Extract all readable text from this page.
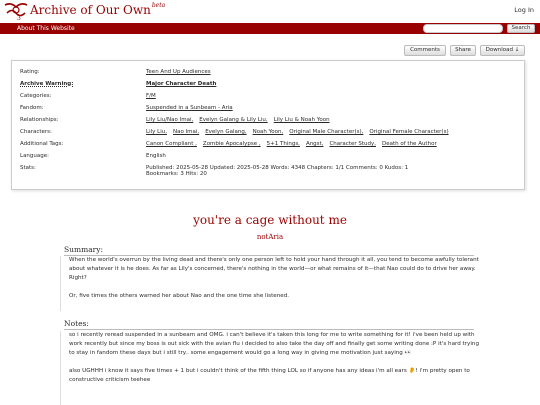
3
Archive of Our Own$^{beta}$
Log In
About This Website	Search
Comments	Share	Download ↓
Rating:	Teen And Up Audiences
Archive Warning:	Major Character Death
Categories:	F/M
Fandom:	Suspended in a Sunbeam - Aria
Relationships:	Lily Liu/Nao Imai, Evelyn Galang & Lily Liu, Lily Liu & Noah Yoon
Characters:	Lily Liu, Nao Imai, Evelyn Galang, Noah Yoon, Original Male Character(s), Original Female Character(s)
Additional Tags:	Canon Compliant , Zombie Apocalypse , 5+1 Things, Angst, Character Study, Death of the Author
Language:	English
Stats:	Published: 2025-05-28 Updated: 2025-05-28 Words: 4348 Chapters: 1/1 Comments: 0 Kudos: 1
Bookmarks: 3 Hits: 20
you're a cage without me
notAria
Summary:

When the world's overrun by the living dead and there's only one person left to hold your hand through it all, you tend to become awfully tolerant about whatever it is he does. As far as Lily's concerned, there's nothing in the world—or what remains of it—that Nao could do to drive her away. Right?

Or, five times the others warned her about Nao and the one time she listened.

Notes:

so i recently reread suspended in a sunbeam and OMG. i can't believe it's taken this long for me to write something for it! i've been held up with work recently but since my boss is out sick with the avian flu i decided to also take the day off and finally get some writing done :P it's hard trying to stay in fandom these days but i still try.. some engagement would go a long way in giving me motivation just saying 👀

also UGHHH i know it says five times + 1 but i couldn't think of the fifth thing LOL so if anyone has any ideas i'm all ears 👂! i'm pretty open to constructive criticism teehee
